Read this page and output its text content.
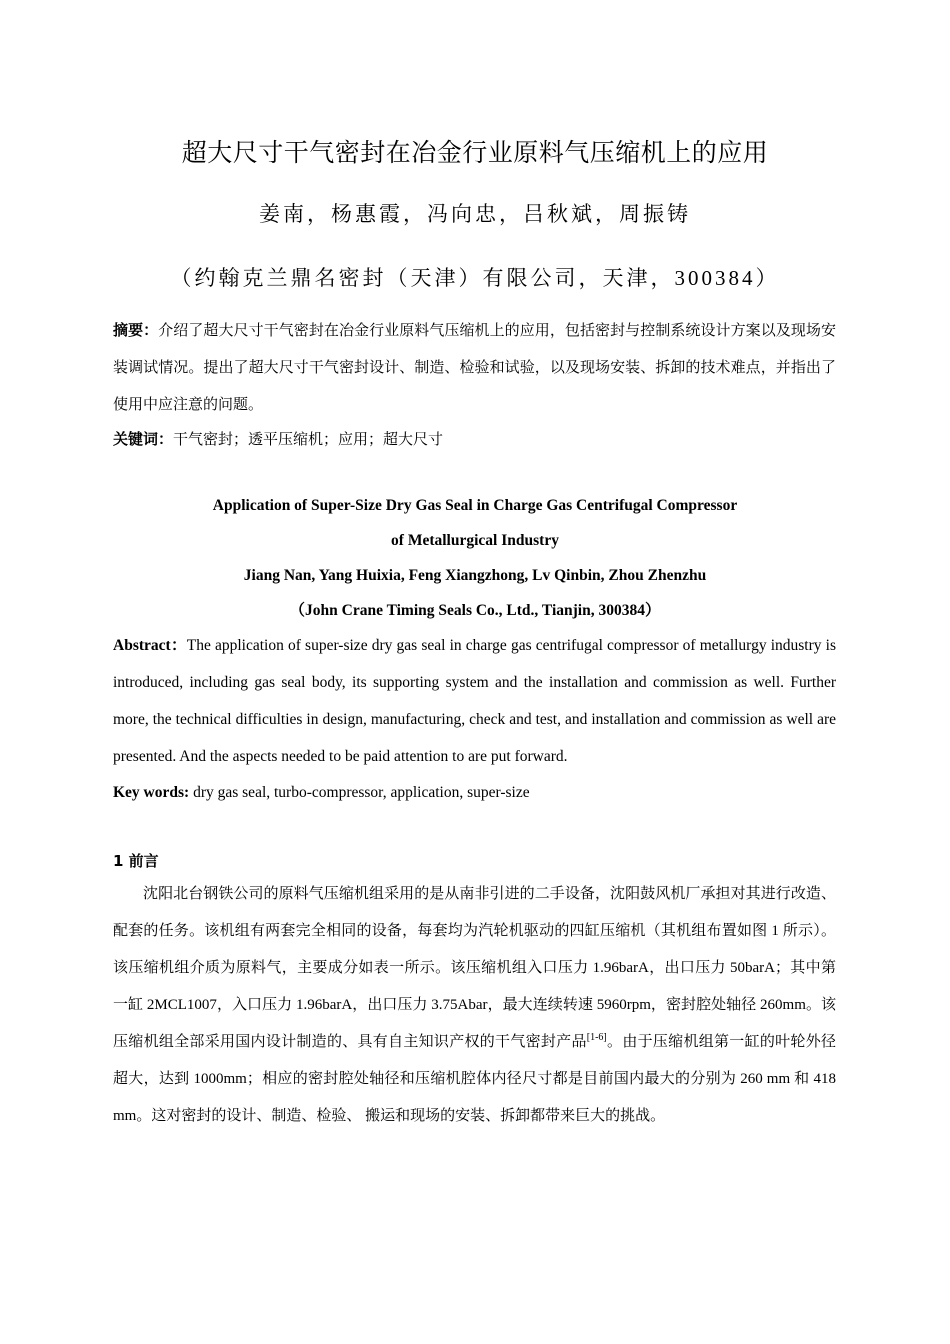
超大尺寸干气密封在冶金行业原料气压缩机上的应用
姜南，杨惠霞，冯向忠，吕秋斌，周振铸
（约翰克兰鼎名密封（天津）有限公司，天津，300384）
摘要：介绍了超大尺寸干气密封在冶金行业原料气压缩机上的应用，包括密封与控制系统设计方案以及现场安装调试情况。提出了超大尺寸干气密封设计、制造、检验和试验，以及现场安装、拆卸的技术难点，并指出了使用中应注意的问题。
关键词：干气密封；透平压缩机；应用；超大尺寸
Application of Super-Size Dry Gas Seal in Charge Gas Centrifugal Compressor
of Metallurgical Industry
Jiang Nan, Yang Huixia, Feng Xiangzhong, Lv Qinbin, Zhou Zhenzhu
（John Crane Timing Seals Co., Ltd., Tianjin, 300384）
Abstract：The application of super-size dry gas seal in charge gas centrifugal compressor of metallurgy industry is introduced, including gas seal body, its supporting system and the installation and commission as well. Further more, the technical difficulties in design, manufacturing, check and test, and installation and commission as well are presented. And the aspects needed to be paid attention to are put forward.
Key words: dry gas seal, turbo-compressor, application, super-size
1 前言
沈阳北台钢铁公司的原料气压缩机组采用的是从南非引进的二手设备，沈阳鼓风机厂承担对其进行改造、配套的任务。该机组有两套完全相同的设备，每套均为汽轮机驱动的四缸压缩机（其机组布置如图 1 所示）。该压缩机组介质为原料气，主要成分如表一所示。该压缩机组入口压力 1.96barA，出口压力 50barA；其中第一缸 2MCL1007，入口压力 1.96barA，出口压力 3.75Abar，最大连续转速 5960rpm，密封腔处轴径 260mm。该压缩机组全部采用国内设计制造的、具有自主知识产权的干气密封产品[1-6]。由于压缩机组第一缸的叶轮外径超大，达到 1000mm；相应的密封腔处轴径和压缩机腔体内径尺寸都是目前国内最大的分别为 260 mm 和 418 mm。这对密封的设计、制造、检验、 搬运和现场的安装、拆卸都带来巨大的挑战。
